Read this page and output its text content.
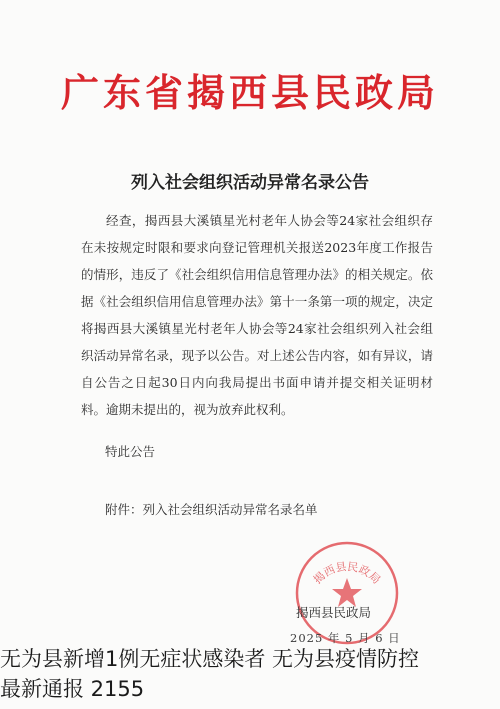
广东省揭西县民政局
列入社会组织活动异常名录公告

经查，揭西县大溪镇星光村老年人协会等24家社会组织存在未按规定时限和要求向登记管理机关报送2023年度工作报告的情形，违反了《社会组织信用信息管理办法》的相关规定。依据《社会组织信用信息管理办法》第十一条第一项的规定，决定将揭西县大溪镇星光村老年人协会等24家社会组织列入社会组织活动异常名录，现予以公告。对上述公告内容，如有异议，请自公告之日起30日内向我局提出书面申请并提交相关证明材料。逾期未提出的，视为放弃此权利。

特此公告
附件：列入社会组织活动异常名录名单
揭西县民政局
揭西县民政局
2025 年 5 月 6 日
无为县新增1例无症状感染者 无为县疫情防控
最新通报 2155
